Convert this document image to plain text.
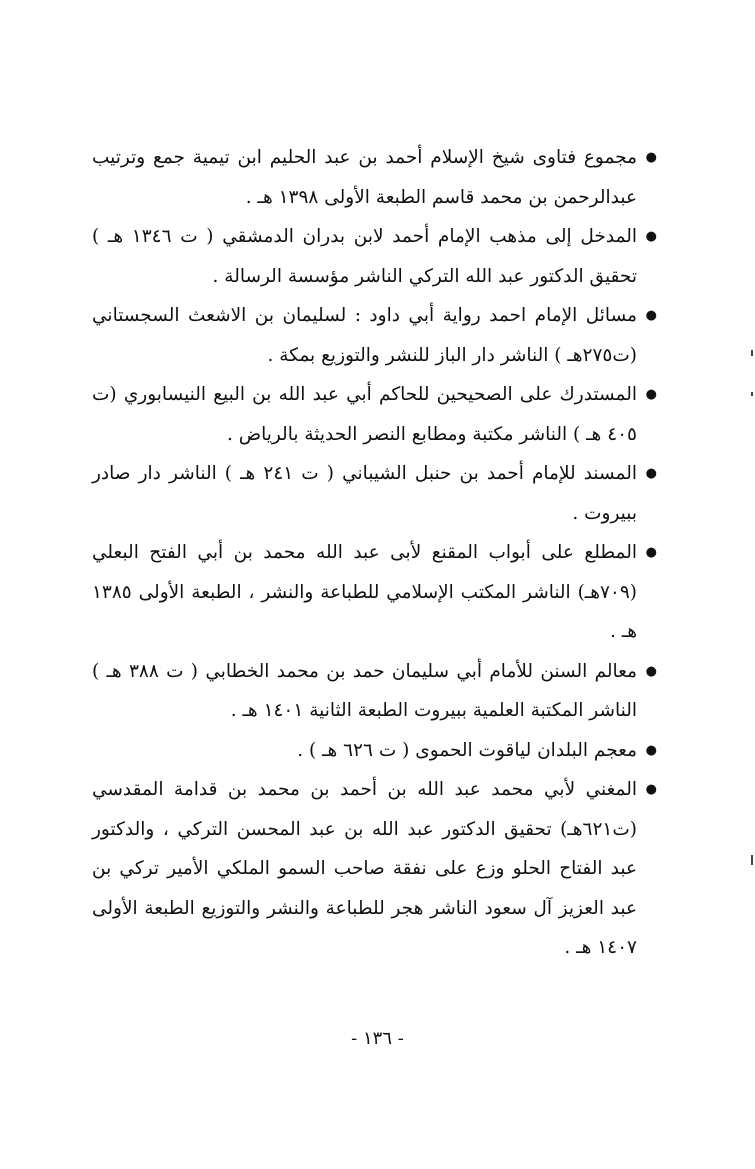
●
مجموع فتاوى شيخ الإسلام أحمد بن عبد الحليم ابن تيمية جمع وترتيب عبدالرحمن بن محمد قاسم الطبعة الأولى ١٣٩٨ هـ .
●
المدخل إلى مذهب الإمام أحمد لابن بدران الدمشقي ( ت ١٣٤٦ هـ ) تحقيق الدكتور عبد الله التركي الناشر مؤسسة الرسالة .
●
مسائل الإمام احمد رواية أبي داود : لسليمان بن الاشعث السجستاني (ت٢٧٥هـ ) الناشر دار الباز للنشر والتوزيع بمكة .
●
المستدرك على الصحيحين للحاكم أبي عبد الله بن البيع النيسابوري (ت ٤٠٥ هـ ) الناشر مكتبة ومطابع النصر الحديثة بالرياض .
●
المسند للإمام أحمد بن حنبل الشيباني ( ت ٢٤١ هـ ) الناشر دار صادر ببيروت .
●
المطلع على أبواب المقنع لأبى عبد الله محمد بن أبي الفتح البعلي (٧٠٩هـ) الناشر المكتب الإسلامي للطباعة والنشر ، الطبعة الأولى ١٣٨٥ هـ .
●
معالم السنن للأمام أبي سليمان حمد بن محمد الخطابي ( ت ٣٨٨ هـ ) الناشر المكتبة العلمية ببيروت الطبعة الثانية ١٤٠١ هـ .
●
معجم البلدان لياقوت الحموى ( ت ٦٢٦ هـ ) .
●
المغني لأبي محمد عبد الله بن أحمد بن محمد بن قدامة المقدسي (ت٦٢١هـ) تحقيق الدكتور عبد الله بن عبد المحسن التركي ، والدكتور عبد الفتاح الحلو وزع على نفقة صاحب السمو الملكي الأمير تركي بن عبد العزيز آل سعود الناشر هجر للطباعة والنشر والتوزيع الطبعة الأولى ١٤٠٧ هـ .
- ١٣٦ -
